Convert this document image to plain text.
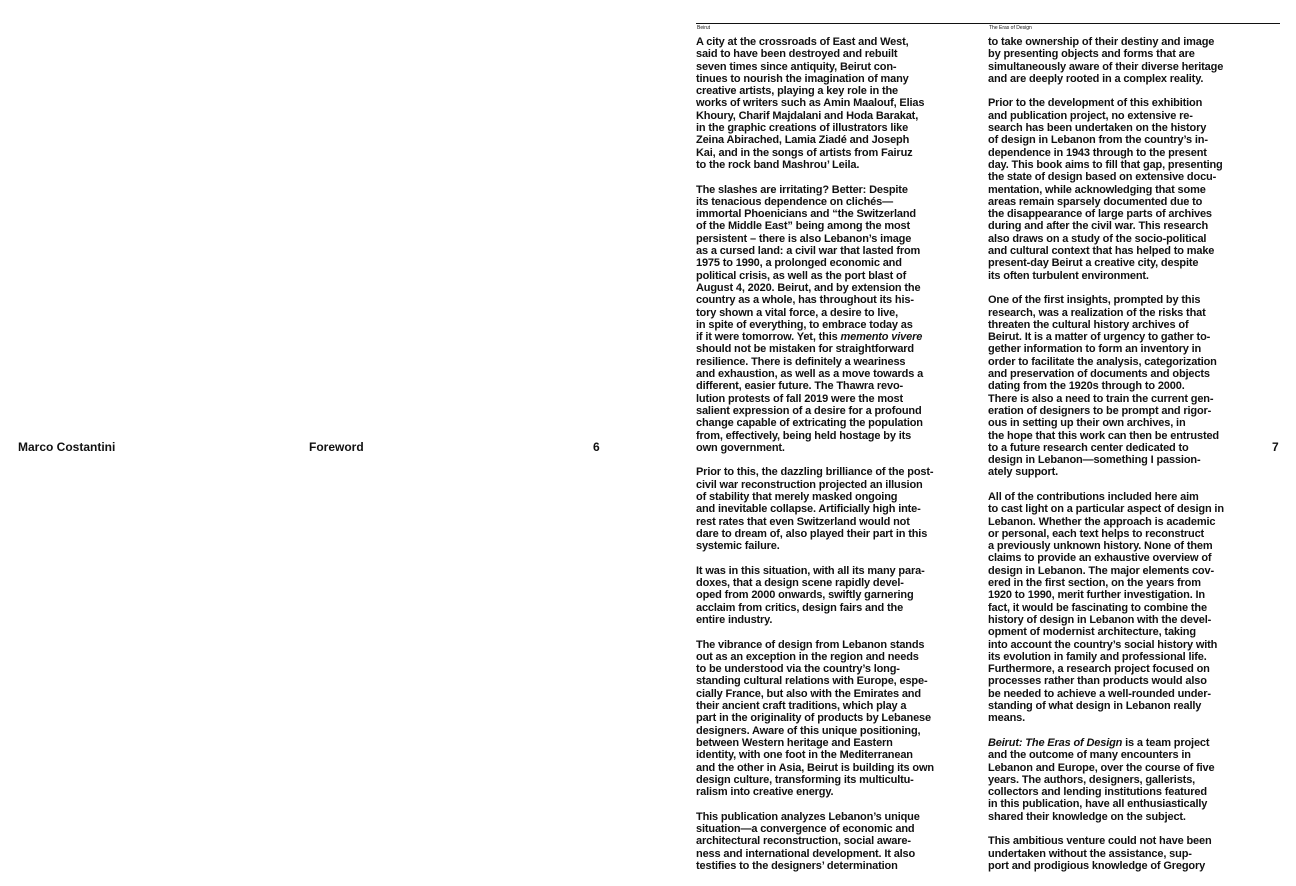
Marco Costantini	Foreword	6	7
Beirut	The Eras of Design

A city at the crossroads of East and West,
said to have been destroyed and rebuilt
seven times since antiquity, Beirut con-
tinues to nourish the imagination of many
creative artists, playing a key role in the
works of writers such as Amin Maalouf, Elias
Khoury, Charif Majdalani and Hoda Barakat,
in the graphic creations of illustrators like
Zeina Abirached, Lamia Ziadé and Joseph
Kai, and in the songs of artists from Fairuz
to the rock band Mashrou’ Leila.

The slashes are irritating? Better: Despite
its tenacious dependence on clichés—
immortal Phoenicians and “the Switzerland
of the Middle East” being among the most
persistent – there is also Lebanon’s image
as a cursed land: a civil war that lasted from
1975 to 1990, a prolonged economic and
political crisis, as well as the port blast of
August 4, 2020. Beirut, and by extension the
country as a whole, has throughout its his-
tory shown a vital force, a desire to live,
in spite of everything, to embrace today as
if it were tomorrow. Yet, this memento vivere
should not be mistaken for straightforward
resilience. There is definitely a weariness
and exhaustion, as well as a move towards a
different, easier future. The Thawra revo-
lution protests of fall 2019 were the most
salient expression of a desire for a profound
change capable of extricating the population
from, effectively, being held hostage by its
own government.

Prior to this, the dazzling brilliance of the post-
civil war reconstruction projected an illusion
of stability that merely masked ongoing
and inevitable collapse. Artificially high inte-
rest rates that even Switzerland would not
dare to dream of, also played their part in this
systemic failure.

It was in this situation, with all its many para-
doxes, that a design scene rapidly devel-
oped from 2000 onwards, swiftly garnering
acclaim from critics, design fairs and the
entire industry.

The vibrance of design from Lebanon stands
out as an exception in the region and needs
to be understood via the country’s long-
standing cultural relations with Europe, espe-
cially France, but also with the Emirates and
their ancient craft traditions, which play a
part in the originality of products by Lebanese
designers. Aware of this unique positioning,
between Western heritage and Eastern
identity, with one foot in the Mediterranean
and the other in Asia, Beirut is building its own
design culture, transforming its multicultu-
ralism into creative energy.

This publication analyzes Lebanon’s unique
situation—a convergence of economic and
architectural reconstruction, social aware-
ness and international development. It also
testifies to the designers’ determination

to take ownership of their destiny and image
by presenting objects and forms that are
simultaneously aware of their diverse heritage
and are deeply rooted in a complex reality.

Prior to the development of this exhibition
and publication project, no extensive re-
search has been undertaken on the history
of design in Lebanon from the country’s in-
dependence in 1943 through to the present
day. This book aims to fill that gap, presenting
the state of design based on extensive docu-
mentation, while acknowledging that some
areas remain sparsely documented due to
the disappearance of large parts of archives
during and after the civil war. This research
also draws on a study of the socio-political
and cultural context that has helped to make
present-day Beirut a creative city, despite
its often turbulent environment.

One of the first insights, prompted by this
research, was a realization of the risks that
threaten the cultural history archives of
Beirut. It is a matter of urgency to gather to-
gether information to form an inventory in
order to facilitate the analysis, categorization
and preservation of documents and objects
dating from the 1920s through to 2000.
There is also a need to train the current gen-
eration of designers to be prompt and rigor-
ous in setting up their own archives, in
the hope that this work can then be entrusted
to a future research center dedicated to
design in Lebanon—something I passion-
ately support.

All of the contributions included here aim
to cast light on a particular aspect of design in
Lebanon. Whether the approach is academic
or personal, each text helps to reconstruct
a previously unknown history. None of them
claims to provide an exhaustive overview of
design in Lebanon. The major elements cov-
ered in the first section, on the years from
1920 to 1990, merit further investigation. In
fact, it would be fascinating to combine the
history of design in Lebanon with the devel-
opment of modernist architecture, taking
into account the country’s social history with
its evolution in family and professional life.
Furthermore, a research project focused on
processes rather than products would also
be needed to achieve a well-rounded under-
standing of what design in Lebanon really
means.

Beirut: The Eras of Design is a team project
and the outcome of many encounters in
Lebanon and Europe, over the course of five
years. The authors, designers, gallerists,
collectors and lending institutions featured
in this publication, have all enthusiastically
shared their knowledge on the subject.

This ambitious venture could not have been
undertaken without the assistance, sup-
port and prodigious knowledge of Gregory
